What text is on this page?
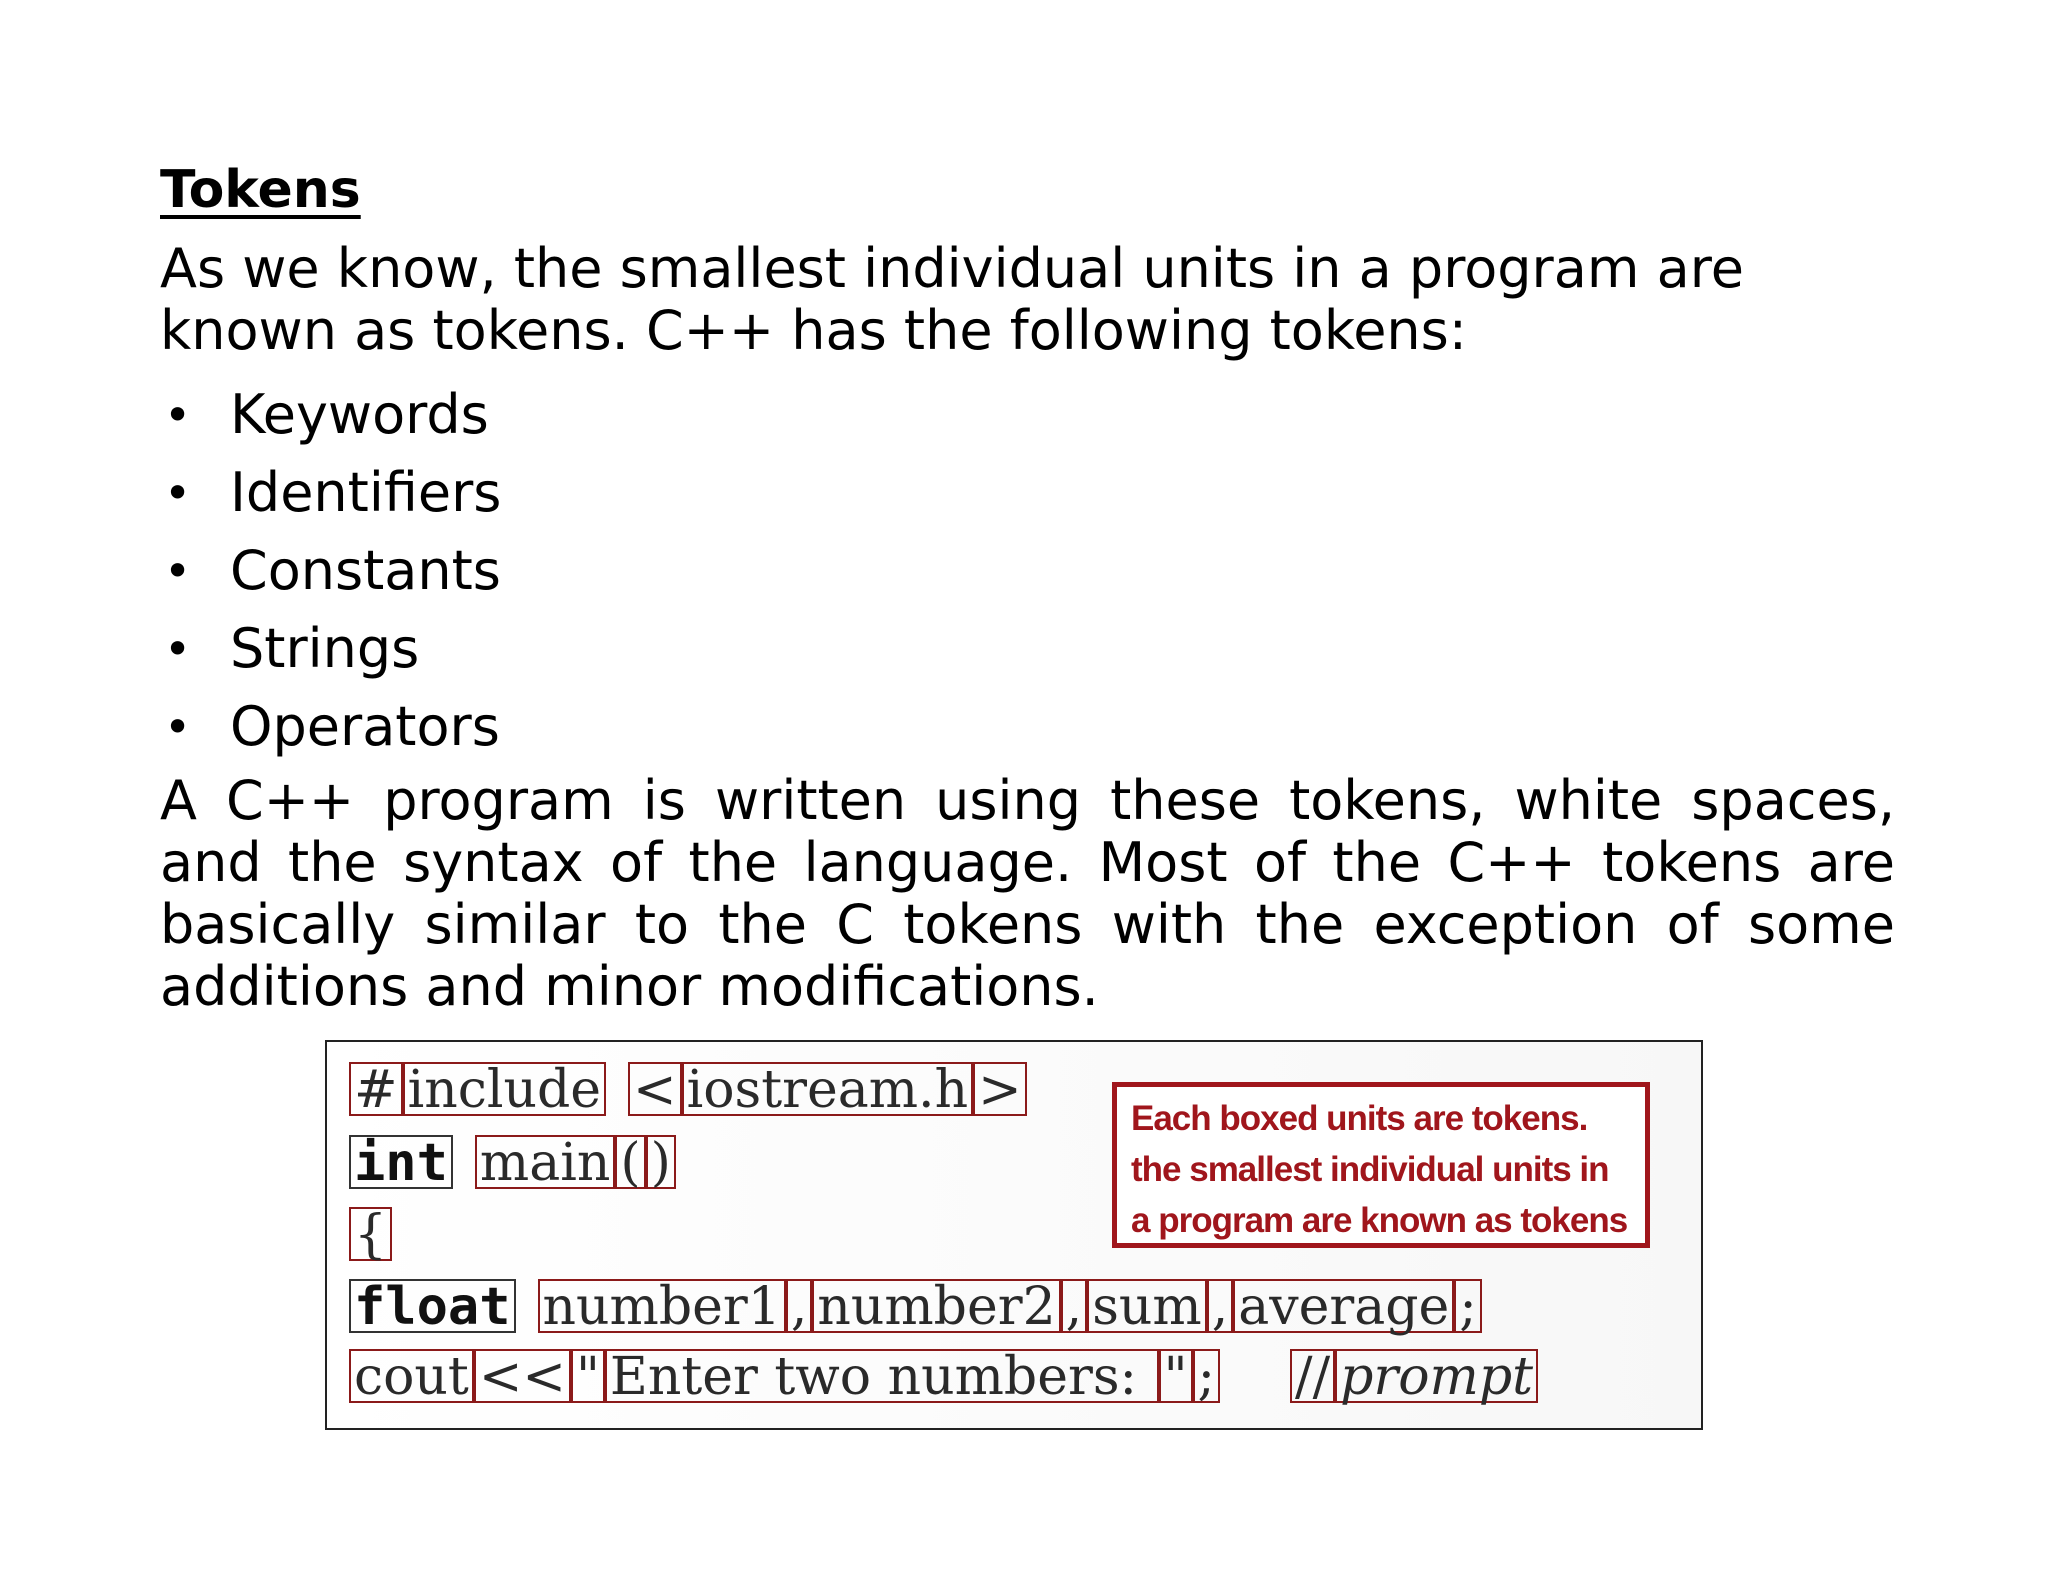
Tokens

As we know, the smallest individual units in a program are known as tokens. C++ has the following tokens:

• Keywords
• Identifiers
• Constants
• Strings
• Operators

A C++ program is written using these tokens, white spaces, and the syntax of the language. Most of the C++ tokens are basically similar to the C tokens with the exception of some additions and minor modifications.

# include < iostream.h >
int main ( )
{
float number1 , number2 , sum , average ;
cout << " Enter two numbers: " ; // prompt
Each boxed units are tokens. the smallest individual units in a program are known as tokens
